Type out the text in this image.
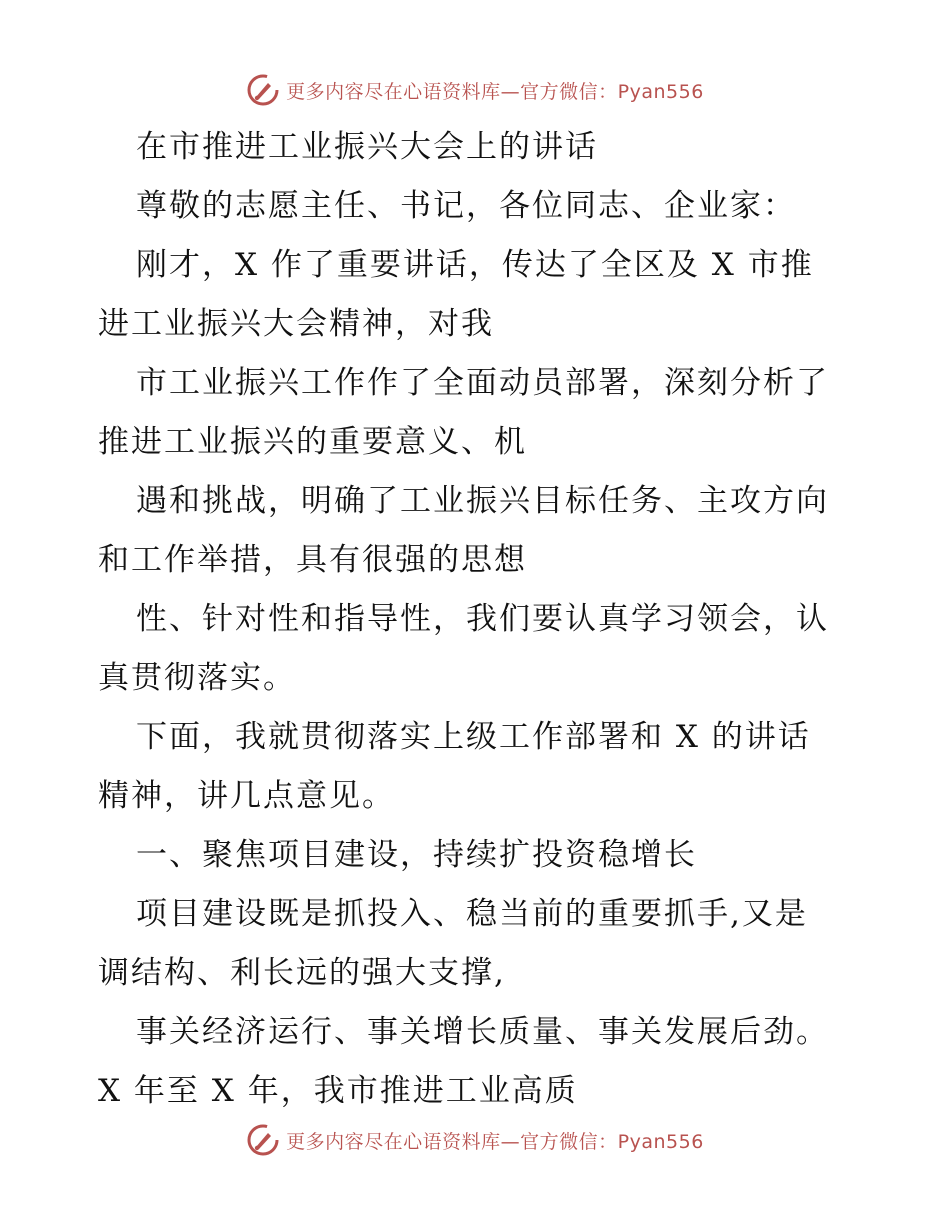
更多内容尽在心语资料库—官方微信：Pyan556
在市推进工业振兴大会上的讲话
尊敬的志愿主任、书记，各位同志、企业家：
刚才，X 作了重要讲话，传达了全区及 X 市推
进工业振兴大会精神，对我
市工业振兴工作作了全面动员部署，深刻分析了
推进工业振兴的重要意义、机
遇和挑战，明确了工业振兴目标任务、主攻方向
和工作举措，具有很强的思想
性、针对性和指导性，我们要认真学习领会，认
真贯彻落实。
下面，我就贯彻落实上级工作部署和 X 的讲话
精神，讲几点意见。
一、聚焦项目建设，持续扩投资稳增长
项目建设既是抓投入、稳当前的重要抓手,又是
调结构、利长远的强大支撑,
事关经济运行、事关增长质量、事关发展后劲。
X 年至 X 年，我市推进工业高质
更多内容尽在心语资料库—官方微信：Pyan556
